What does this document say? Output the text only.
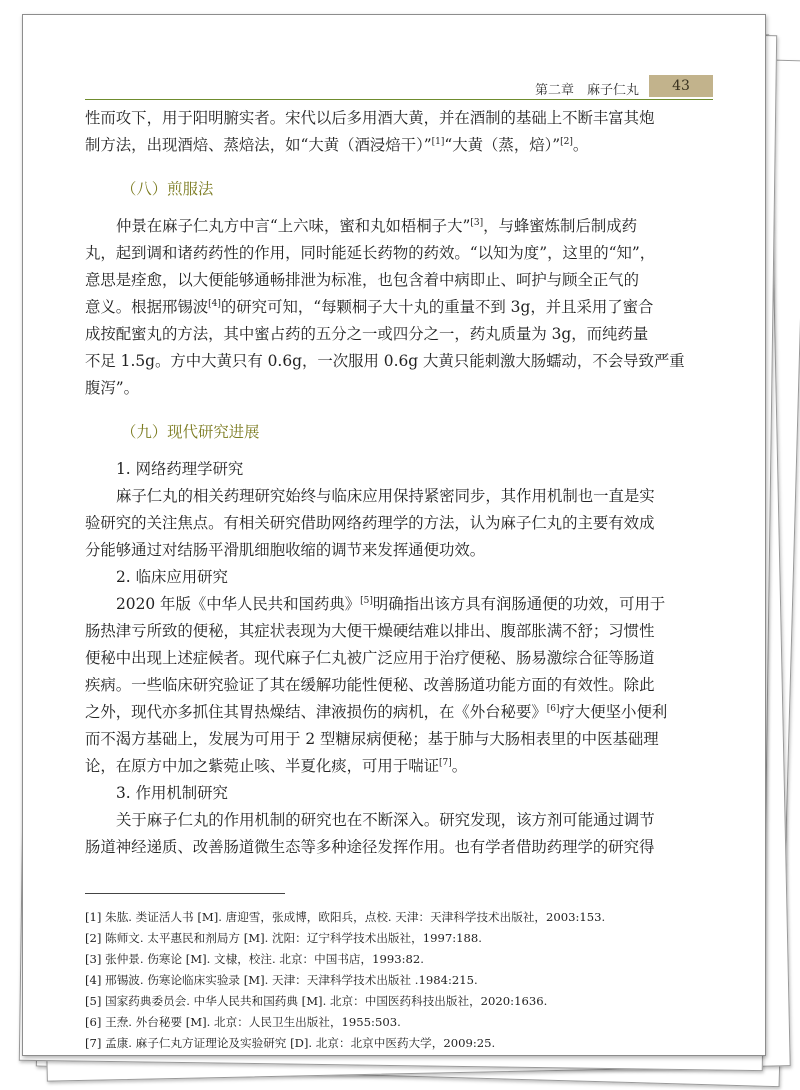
第二章　麻子仁丸	43
性而攻下，用于阳明腑实者。宋代以后多用酒大黄，并在酒制的基础上不断丰富其炮
制方法，出现酒焙、蒸焙法，如“大黄（酒浸焙干）”[1]“大黄（蒸，焙）”[2]。
（八）煎服法
仲景在麻子仁丸方中言“上六味，蜜和丸如梧桐子大”[3]，与蜂蜜炼制后制成药
丸，起到调和诸药药性的作用，同时能延长药物的药效。“以知为度”，这里的“知”，
意思是痊愈，以大便能够通畅排泄为标准，也包含着中病即止、呵护与顾全正气的
意义。根据邢锡波[4]的研究可知，“每颗桐子大十丸的重量不到 3g，并且采用了蜜合
成按配蜜丸的方法，其中蜜占药的五分之一或四分之一，药丸质量为 3g，而纯药量
不足 1.5g。方中大黄只有 0.6g，一次服用 0.6g 大黄只能刺激大肠蠕动，不会导致严重
腹泻”。
（九）现代研究进展
1. 网络药理学研究
麻子仁丸的相关药理研究始终与临床应用保持紧密同步，其作用机制也一直是实
验研究的关注焦点。有相关研究借助网络药理学的方法，认为麻子仁丸的主要有效成
分能够通过对结肠平滑肌细胞收缩的调节来发挥通便功效。
2. 临床应用研究
2020 年版《中华人民共和国药典》[5]明确指出该方具有润肠通便的功效，可用于
肠热津亏所致的便秘，其症状表现为大便干燥硬结难以排出、腹部胀满不舒；习惯性
便秘中出现上述症候者。现代麻子仁丸被广泛应用于治疗便秘、肠易激综合征等肠道
疾病。一些临床研究验证了其在缓解功能性便秘、改善肠道功能方面的有效性。除此
之外，现代亦多抓住其胃热燥结、津液损伤的病机，在《外台秘要》[6]疗大便坚小便利
而不渴方基础上，发展为可用于 2 型糖尿病便秘；基于肺与大肠相表里的中医基础理
论，在原方中加之紫菀止咳、半夏化痰，可用于喘证[7]。
3. 作用机制研究
关于麻子仁丸的作用机制的研究也在不断深入。研究发现，该方剂可能通过调节
肠道神经递质、改善肠道微生态等多种途径发挥作用。也有学者借助药理学的研究得
[1] 朱肱. 类证活人书 [M]. 唐迎雪，张成博，欧阳兵，点校. 天津：天津科学技术出版社，2003:153.
[2] 陈师文. 太平惠民和剂局方 [M]. 沈阳：辽宁科学技术出版社，1997:188.
[3] 张仲景. 伤寒论 [M]. 文棣，校注. 北京：中国书店，1993:82.
[4] 邢锡波. 伤寒论临床实验录 [M]. 天津：天津科学技术出版社 .1984:215.
[5] 国家药典委员会. 中华人民共和国药典 [M]. 北京：中国医药科技出版社，2020:1636.
[6] 王焘. 外台秘要 [M]. 北京：人民卫生出版社，1955:503.
[7] 孟康. 麻子仁丸方证理论及实验研究 [D]. 北京：北京中医药大学，2009:25.
